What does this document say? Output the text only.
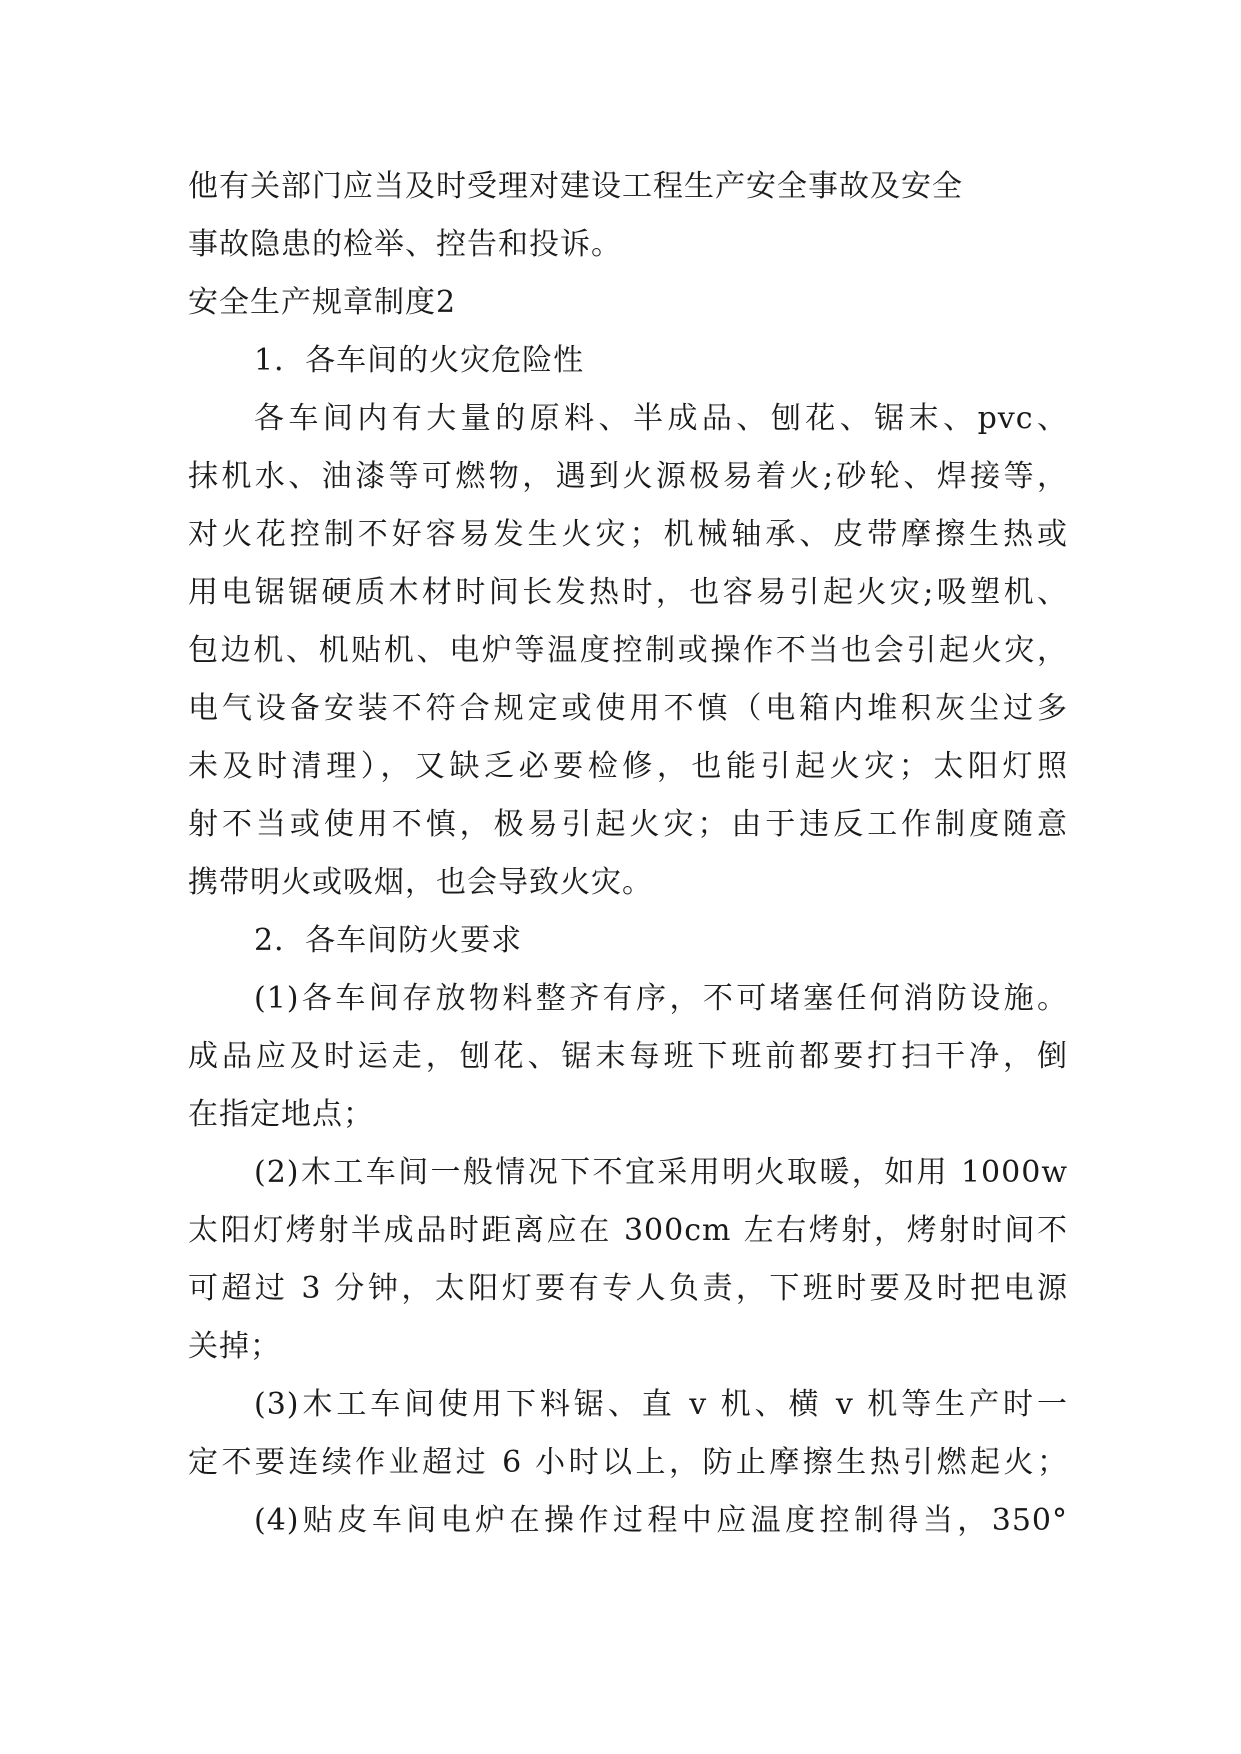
他有关部门应当及时受理对建设工程生产安全事故及安全
事故隐患的检举、控告和投诉。
安全生产规章制度2
1．各车间的火灾危险性
各车间内有大量的原料、半成品、刨花、锯末、pvc、
抹机水、油漆等可燃物，遇到火源极易着火;砂轮、焊接等，
对火花控制不好容易发生火灾；机械轴承、皮带摩擦生热或
用电锯锯硬质木材时间长发热时，也容易引起火灾;吸塑机、
包边机、机贴机、电炉等温度控制或操作不当也会引起火灾，
电气设备安装不符合规定或使用不慎（电箱内堆积灰尘过多
未及时清理），又缺乏必要检修，也能引起火灾；太阳灯照
射不当或使用不慎，极易引起火灾；由于违反工作制度随意
携带明火或吸烟，也会导致火灾。
2．各车间防火要求
(1)各车间存放物料整齐有序，不可堵塞任何消防设施。
成品应及时运走，刨花、锯末每班下班前都要打扫干净，倒
在指定地点；
(2)木工车间一般情况下不宜采用明火取暖，如用 1000w
太阳灯烤射半成品时距离应在 300cm 左右烤射，烤射时间不
可超过 3 分钟，太阳灯要有专人负责，下班时要及时把电源
关掉；
(3)木工车间使用下料锯、直 v 机、横 v 机等生产时一
定不要连续作业超过 6 小时以上，防止摩擦生热引燃起火；
(4)贴皮车间电炉在操作过程中应温度控制得当，350°
